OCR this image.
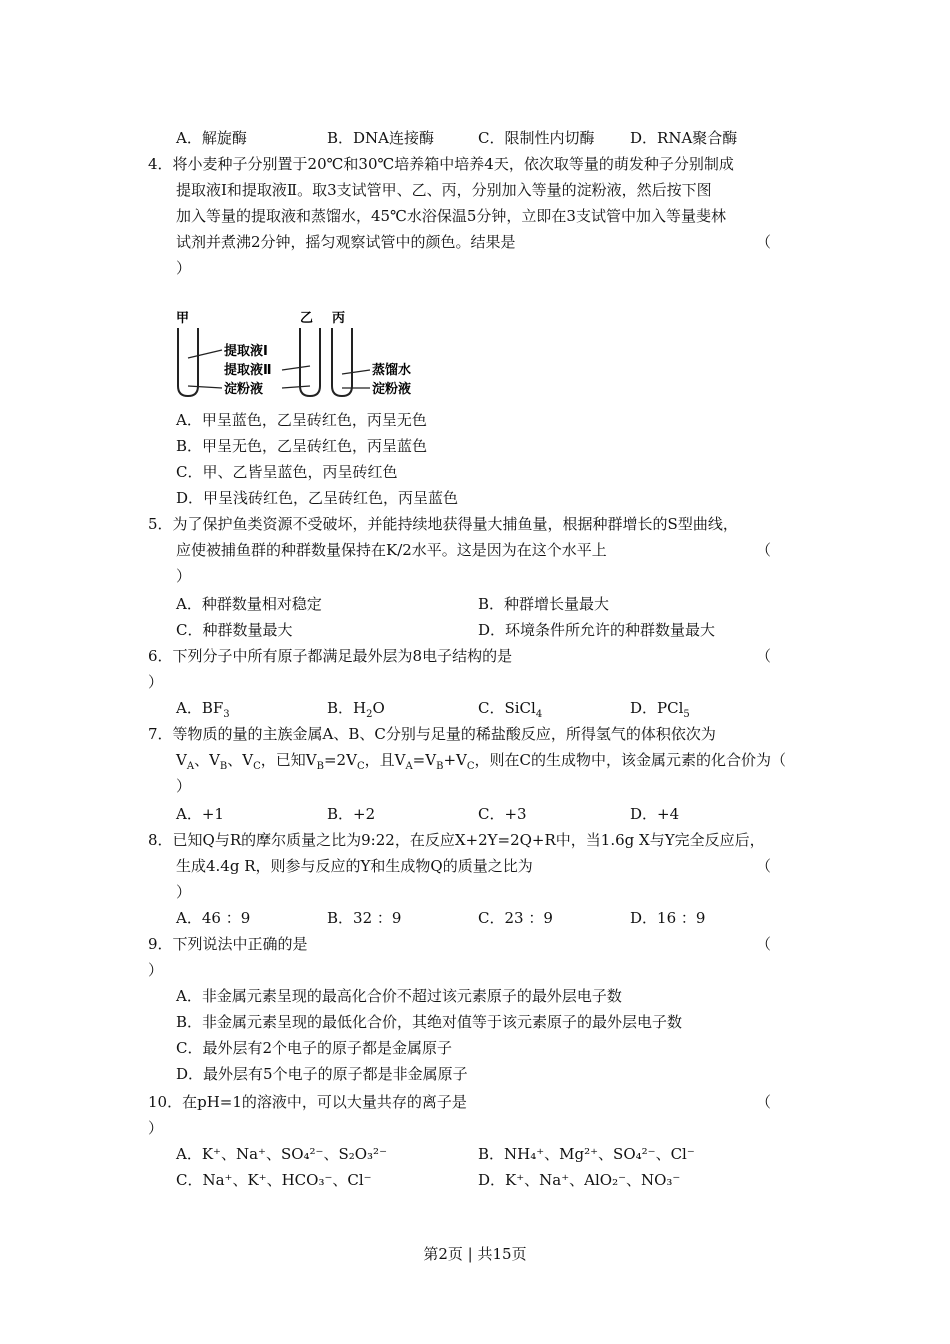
A．解旋酶	B．DNA连接酶	C．限制性内切酶 D．RNA聚合酶
4．将小麦种子分别置于20℃和30℃培养箱中培养4天，依次取等量的萌发种子分别制成
提取液Ⅰ和提取液Ⅱ。取3支试管甲、乙、丙，分别加入等量的淀粉液，然后按下图
加入等量的提取液和蒸馏水，45℃水浴保温5分钟，立即在3支试管中加入等量斐林
试剂并煮沸2分钟，摇匀观察试管中的颜色。结果是	（
）
甲	乙 丙
提取液Ⅰ
提取液Ⅱ
淀粉液
蒸馏水
淀粉液
A．甲呈蓝色，乙呈砖红色，丙呈无色
B．甲呈无色，乙呈砖红色，丙呈蓝色
C．甲、乙皆呈蓝色，丙呈砖红色
D．甲呈浅砖红色，乙呈砖红色，丙呈蓝色
5．为了保护鱼类资源不受破坏，并能持续地获得量大捕鱼量，根据种群增长的S型曲线，
应使被捕鱼群的种群数量保持在K/2水平。这是因为在这个水平上	（
）
A．种群数量相对稳定	B．种群增长量最大
C．种群数量最大	D．环境条件所允许的种群数量最大
6．下列分子中所有原子都满足最外层为8电子结构的是	（
）
A．$BF_3$	B．$H_2O$	C．SiCl$_4$	D．PCl$_5$
7．等物质的量的主族金属A、B、C分别与足量的稀盐酸反应，所得氢气的体积依次为
$V_A$、$V_B$、$V_C$，已知$V_B=2V_C$，且$V_A=V_B+V_C$，则在C的生成物中，该金属元素的化合价为（
）
A．+1	B．+2	C．+3	D．+4
8．已知Q与R的摩尔质量之比为9:22，在反应X+2Y=2Q+R中，当1.6g X与Y完全反应后，
生成4.4g R，则参与反应的Y和生成物Q的质量之比为	（
）
A．46 ：9	B．32 ：9	C．23 ：9	D．16 ：9
9．下列说法中正确的是	（
）
A．非金属元素呈现的最高化合价不超过该元素原子的最外层电子数
B．非金属元素呈现的最低化合价，其绝对值等于该元素原子的最外层电子数
C．最外层有2个电子的原子都是金属原子
D．最外层有5个电子的原子都是非金属原子
10．在pH=1的溶液中，可以大量共存的离子是	（
）
A．K⁺、Na⁺、SO₄²⁻、S₂O₃²⁻	B．NH₄⁺、Mg²⁺、SO₄²⁻、Cl⁻
C．Na⁺、K⁺、HCO₃⁻、Cl⁻	D．K⁺、Na⁺、AlO₂⁻、NO₃⁻
第2页 | 共15页
